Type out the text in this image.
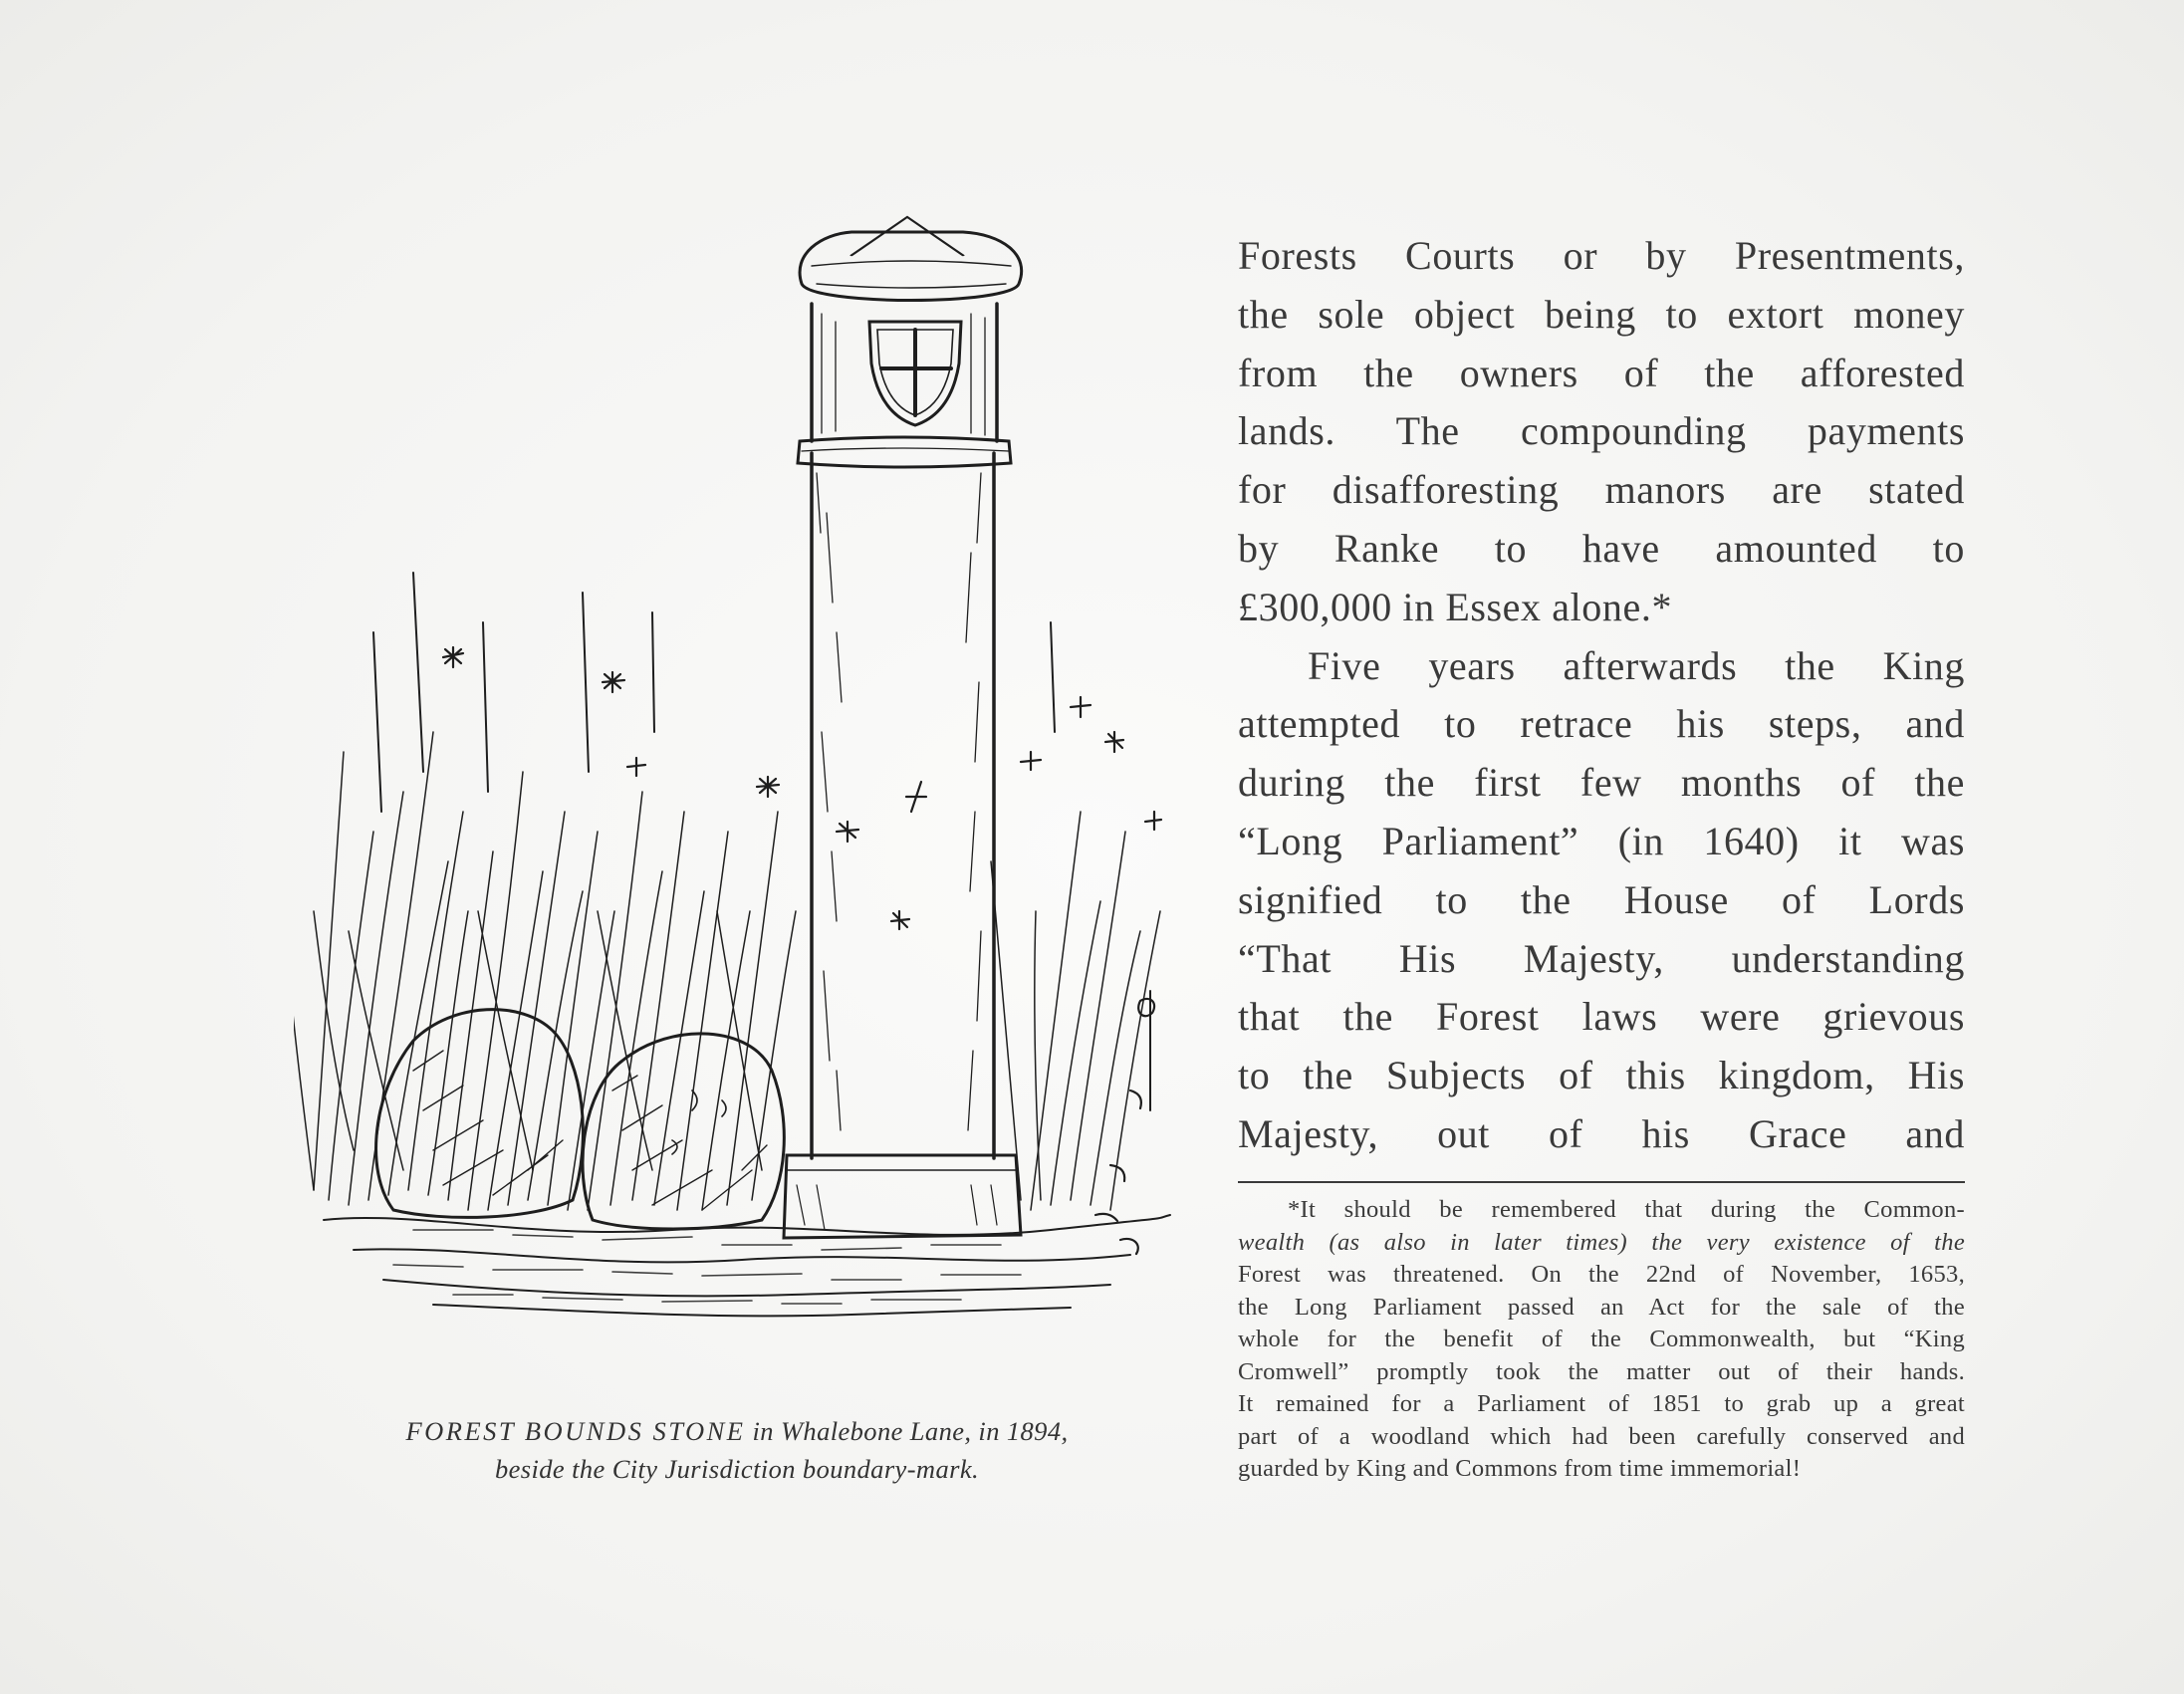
FOREST BOUNDS STONE in Whalebone Lane, in 1894,
beside the City Jurisdiction boundary-mark.
Forests Courts or by Presentments,
the sole object being to extort money
from the owners of the afforested
lands. The compounding payments
for disafforesting manors are stated
by Ranke to have amounted to
£300,000 in Essex alone.*
Five years afterwards the King
attempted to retrace his steps, and
during the first few months of the
“Long Parliament” (in 1640) it was
signified to the House of Lords
“That His Majesty, understanding
that the Forest laws were grievous
to the Subjects of this kingdom, His
Majesty, out of his Grace and
*It should be remembered that during the Common-
wealth (as also in later times) the very existence of the
Forest was threatened. On the 22nd of November, 1653,
the Long Parliament passed an Act for the sale of the
whole for the benefit of the Commonwealth, but “King
Cromwell” promptly took the matter out of their hands.
It remained for a Parliament of 1851 to grab up a great
part of a woodland which had been carefully conserved and
guarded by King and Commons from time immemorial!
